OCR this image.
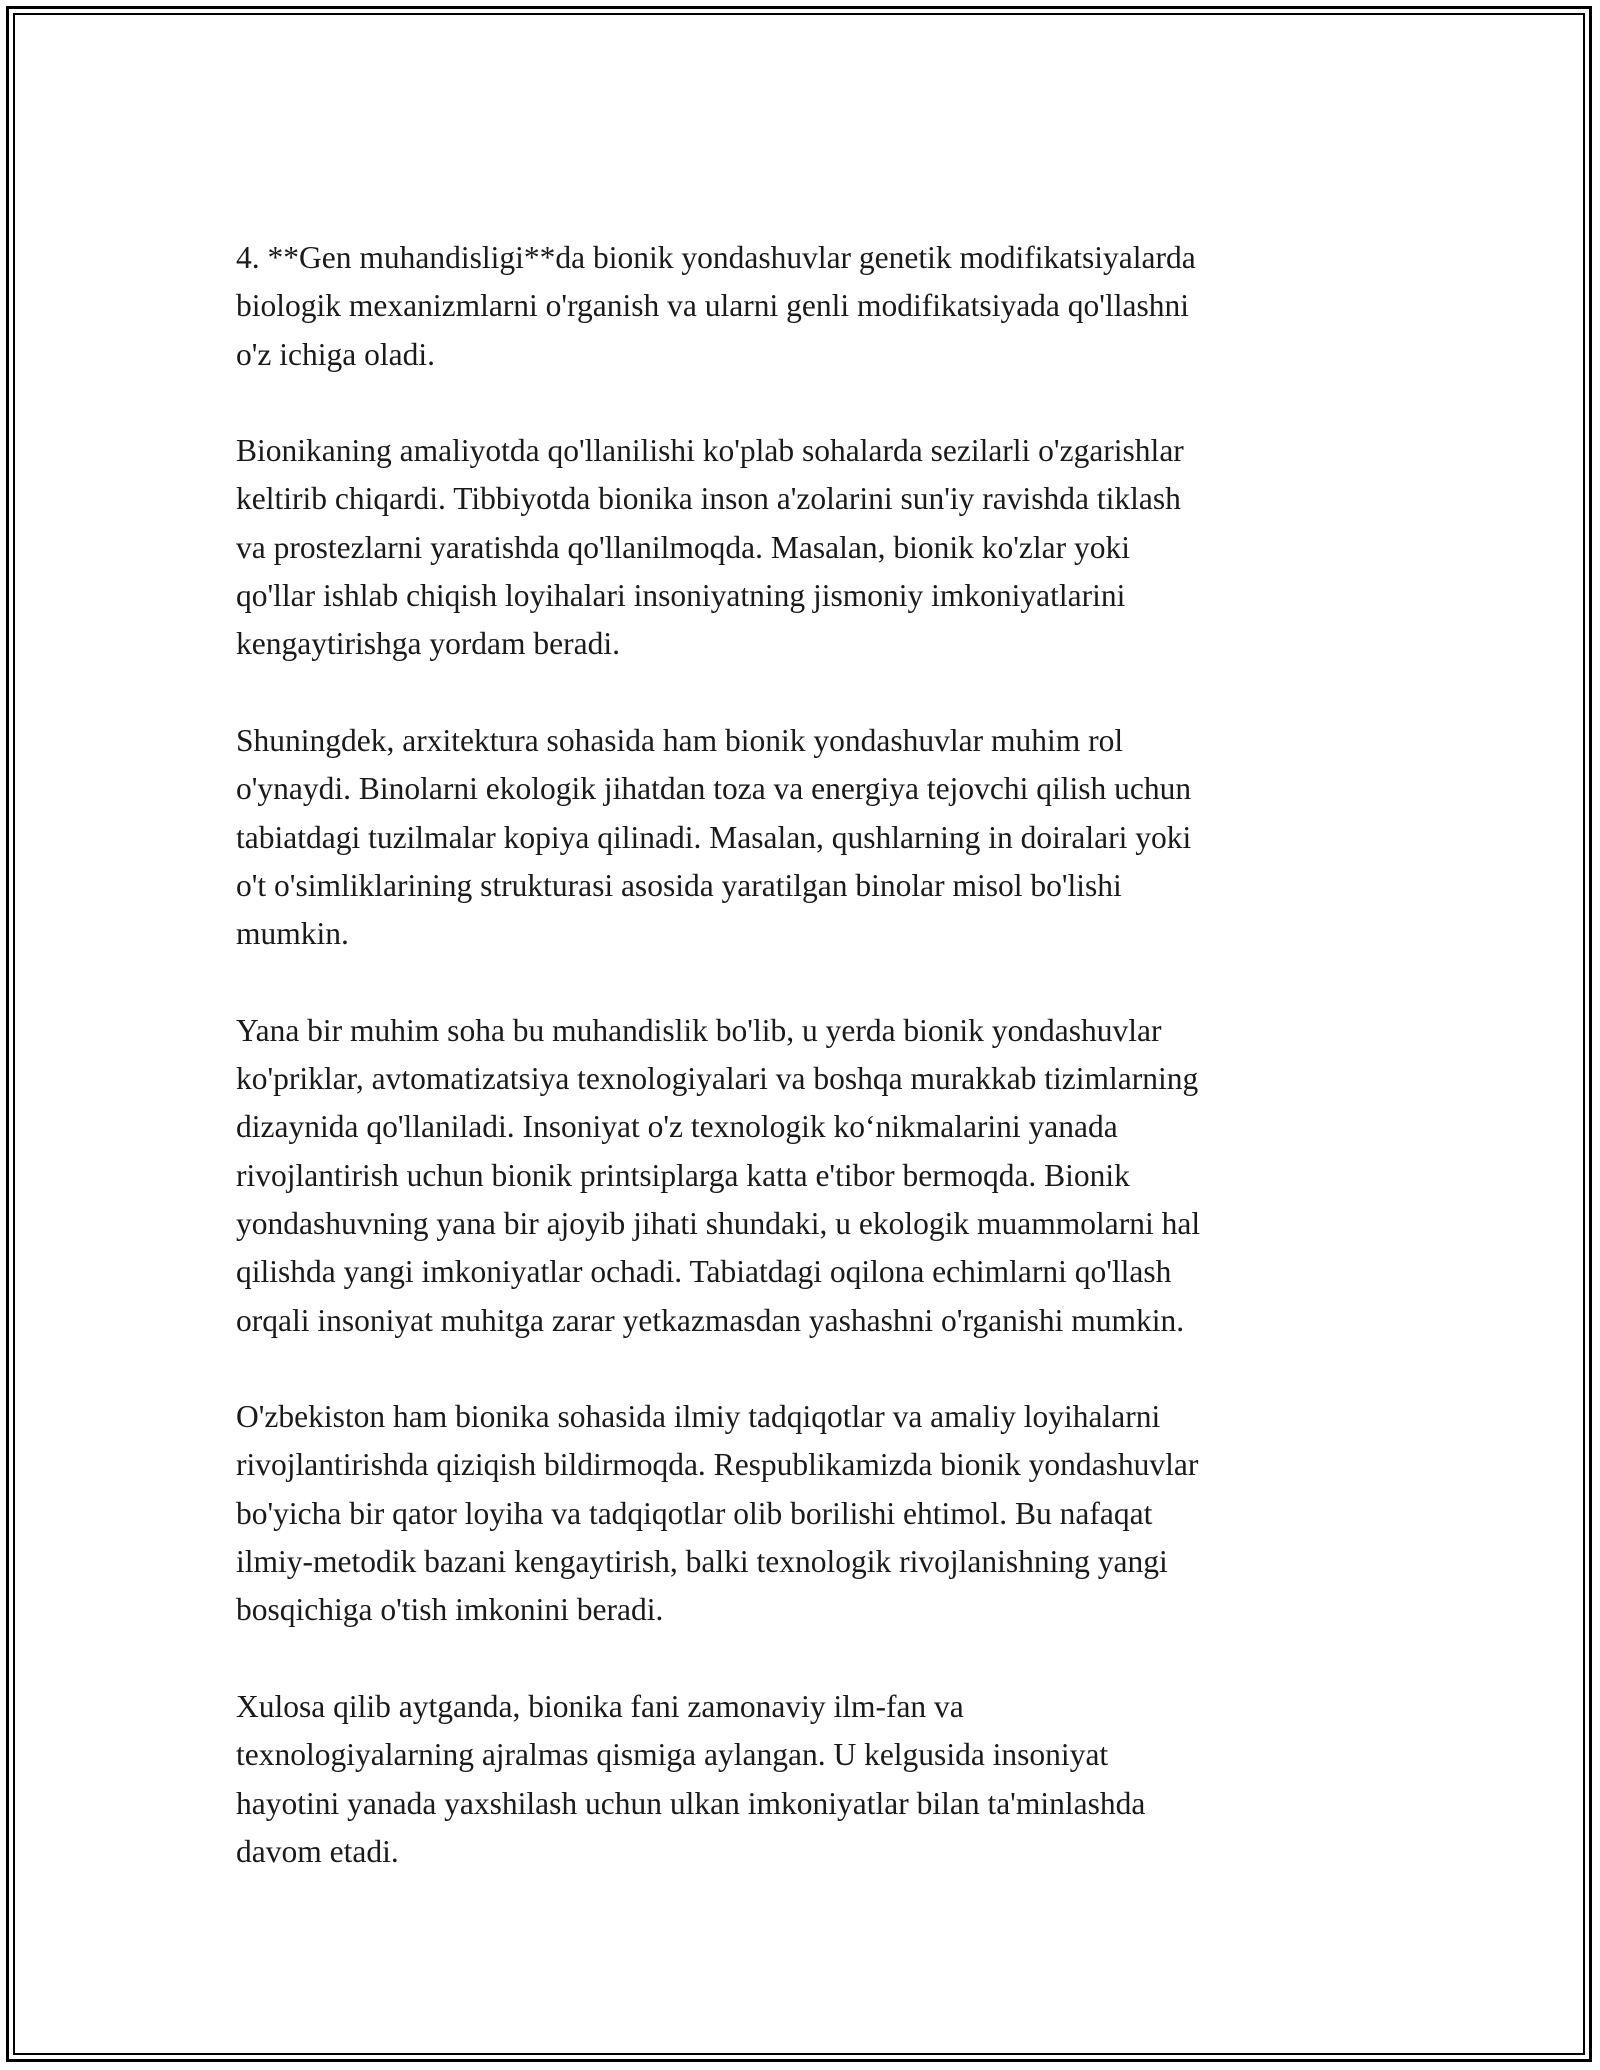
4. **Gen muhandisligi**da bionik yondashuvlar genetik modifikatsiyalarda
biologik mexanizmlarni o'rganish va ularni genli modifikatsiyada qo'llashni
o'z ichiga oladi.

Bionikaning amaliyotda qo'llanilishi ko'plab sohalarda sezilarli o'zgarishlar
keltirib chiqardi. Tibbiyotda bionika inson a'zolarini sun'iy ravishda tiklash
va prostezlarni yaratishda qo'llanilmoqda. Masalan, bionik ko'zlar yoki
qo'llar ishlab chiqish loyihalari insoniyatning jismoniy imkoniyatlarini
kengaytirishga yordam beradi.

Shuningdek, arxitektura sohasida ham bionik yondashuvlar muhim rol
o'ynaydi. Binolarni ekologik jihatdan toza va energiya tejovchi qilish uchun
tabiatdagi tuzilmalar kopiya qilinadi. Masalan, qushlarning in doiralari yoki
o't o'simliklarining strukturasi asosida yaratilgan binolar misol bo'lishi
mumkin.

Yana bir muhim soha bu muhandislik bo'lib, u yerda bionik yondashuvlar
ko'priklar, avtomatizatsiya texnologiyalari va boshqa murakkab tizimlarning
dizaynida qo'llaniladi. Insoniyat o'z texnologik ko‘nikmalarini yanada
rivojlantirish uchun bionik printsiplarga katta e'tibor bermoqda. Bionik
yondashuvning yana bir ajoyib jihati shundaki, u ekologik muammolarni hal
qilishda yangi imkoniyatlar ochadi. Tabiatdagi oqilona echimlarni qo'llash
orqali insoniyat muhitga zarar yetkazmasdan yashashni o'rganishi mumkin.

O'zbekiston ham bionika sohasida ilmiy tadqiqotlar va amaliy loyihalarni
rivojlantirishda qiziqish bildirmoqda. Respublikamizda bionik yondashuvlar
bo'yicha bir qator loyiha va tadqiqotlar olib borilishi ehtimol. Bu nafaqat
ilmiy-metodik bazani kengaytirish, balki texnologik rivojlanishning yangi
bosqichiga o'tish imkonini beradi.

Xulosa qilib aytganda, bionika fani zamonaviy ilm-fan va
texnologiyalarning ajralmas qismiga aylangan. U kelgusida insoniyat
hayotini yanada yaxshilash uchun ulkan imkoniyatlar bilan ta'minlashda
davom etadi.
